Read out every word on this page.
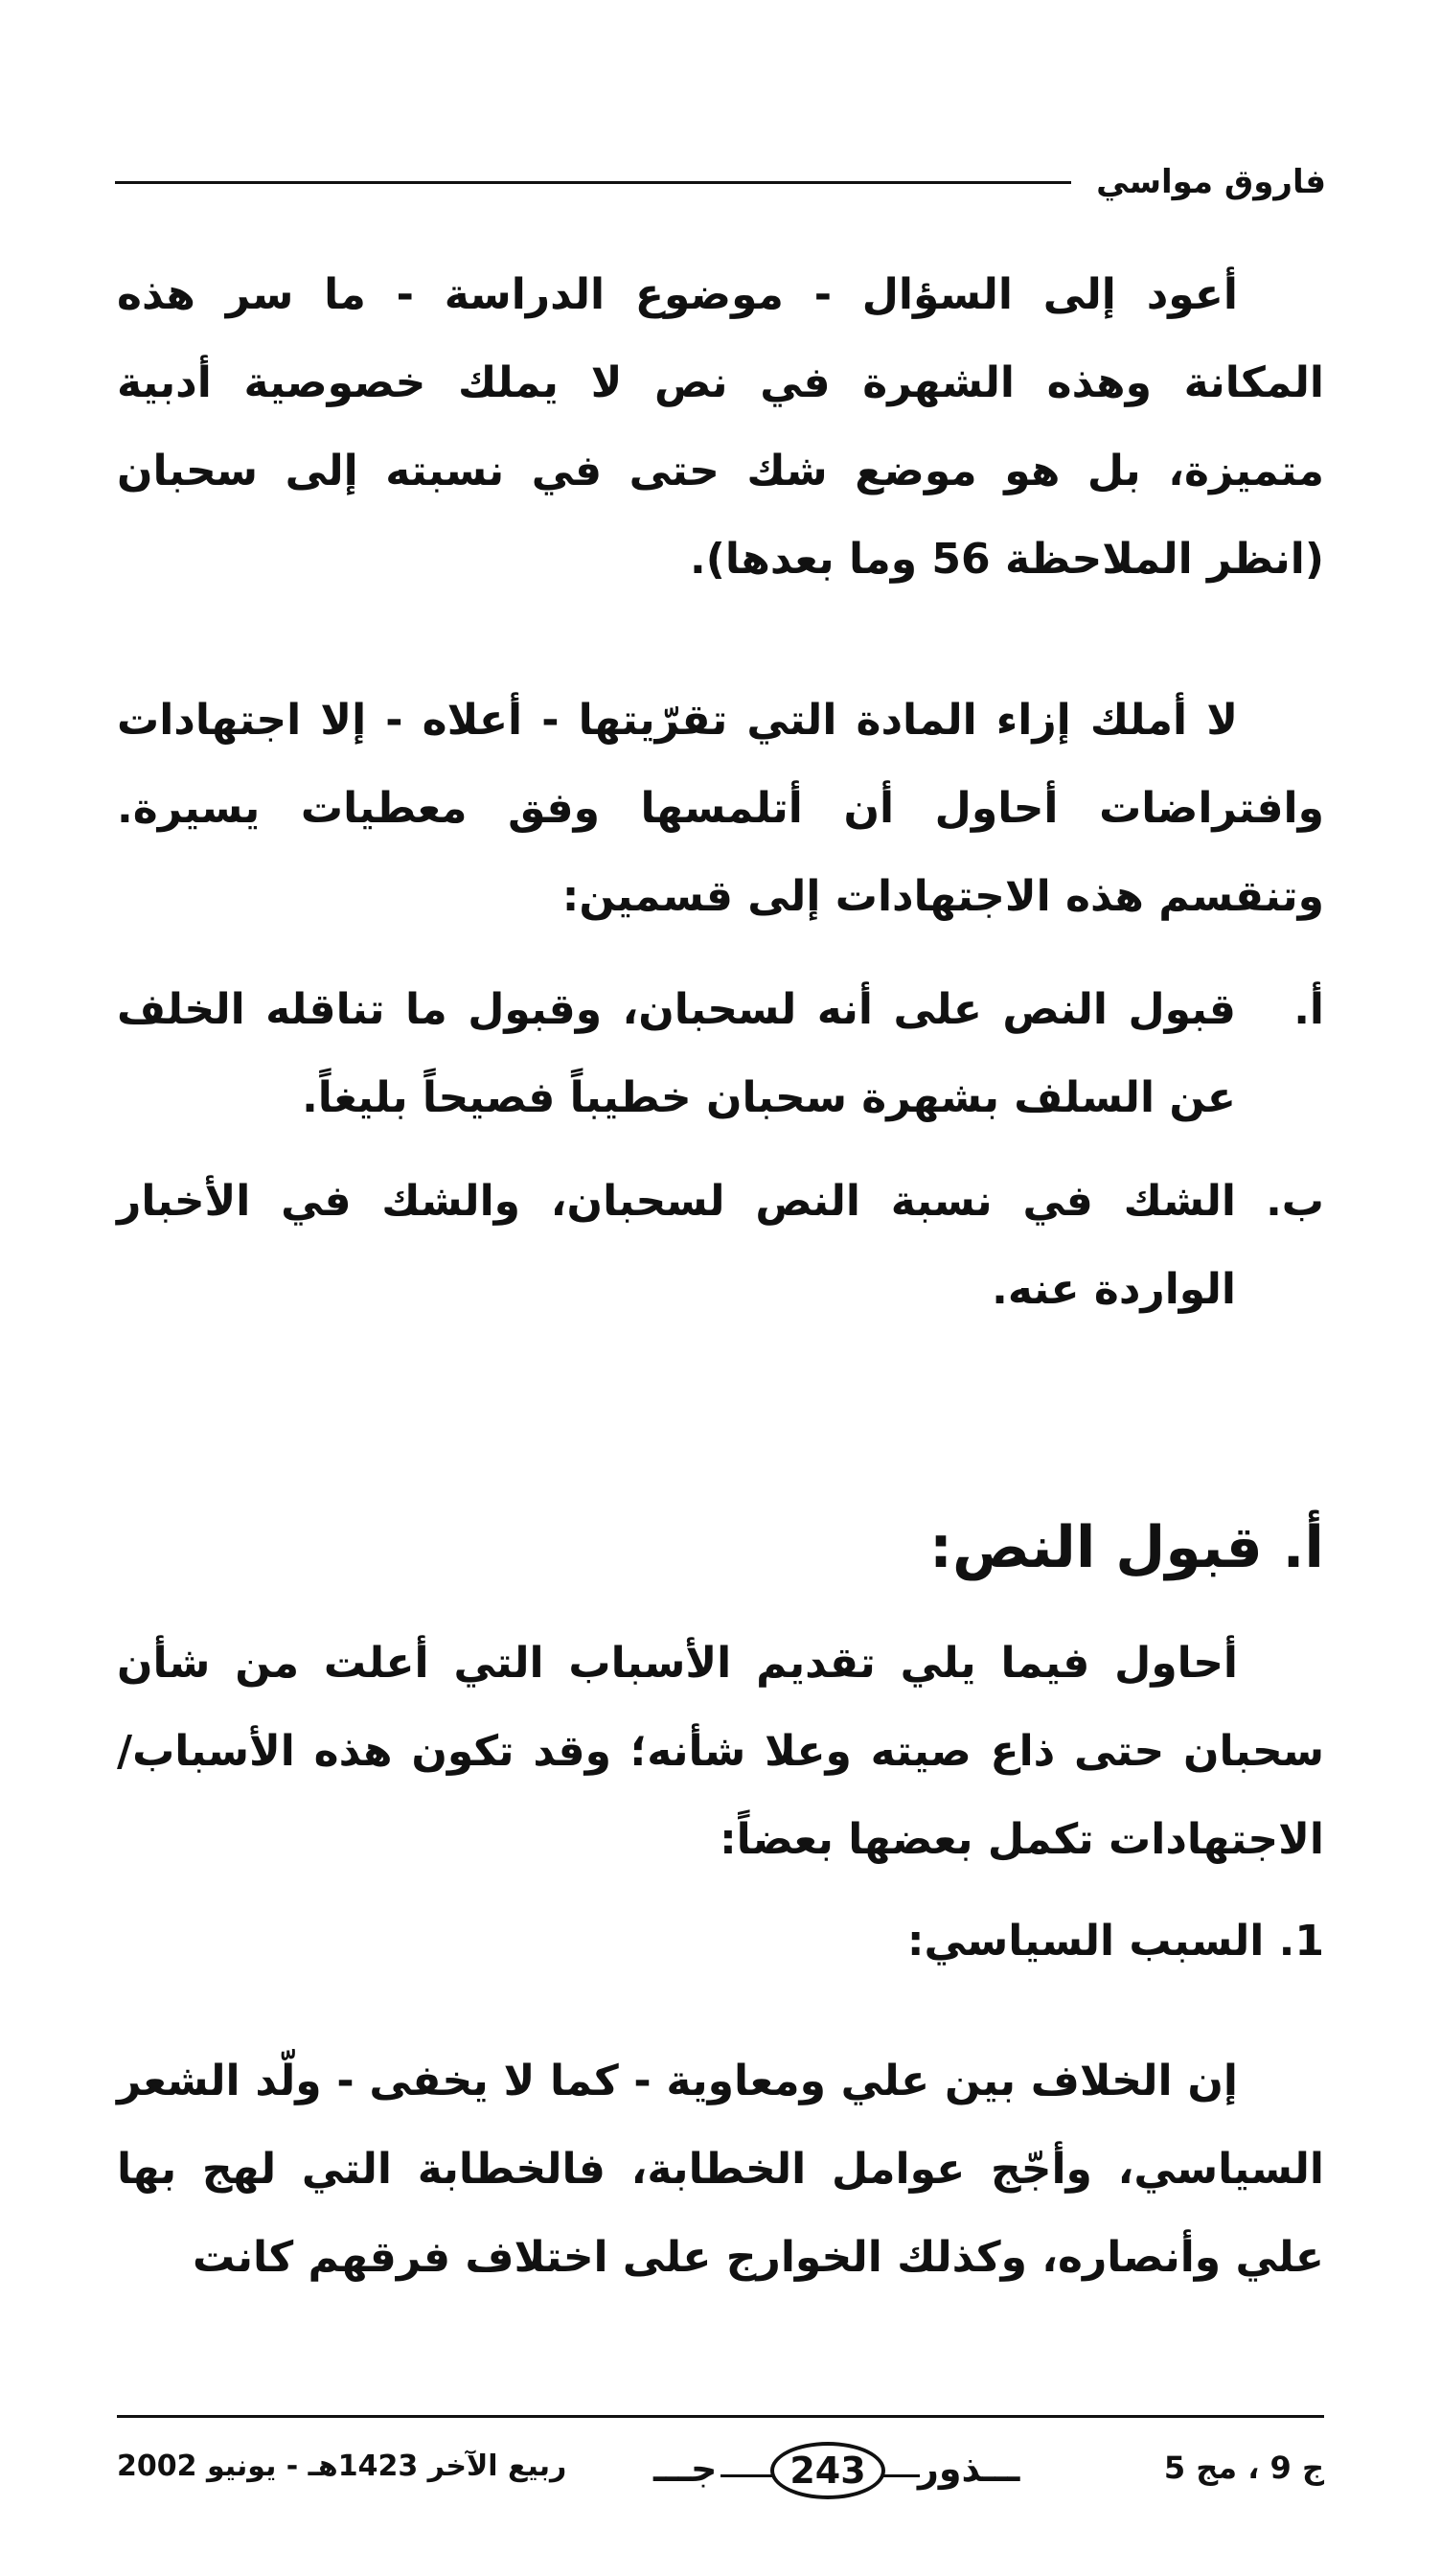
فاروق مواسي

أعود إلى السؤال - موضوع الدراسة - ما سر هذه المكانة وهذه الشهرة في نص لا يملك خصوصية أدبية متميزة، بل هو موضع شك حتى في نسبته إلى سحبان (انظر الملاحظة 56 وما بعدها).

لا أملك إزاء المادة التي تقرّيتها - أعلاه - إلا اجتهادات وافتراضات أحاول أن أتلمسها وفق معطيات يسيرة. وتنقسم هذه الاجتهادات إلى قسمين:

أ.
قبول النص على أنه لسحبان، وقبول ما تناقله الخلف عن السلف بشهرة سحبان خطيباً فصيحاً بليغاً.
ب.
الشك في نسبة النص لسحبان، والشك في الأخبار الواردة عنه.
أ. قبول النص:

أحاول فيما يلي تقديم الأسباب التي أعلت من شأن سحبان حتى ذاع صيته وعلا شأنه؛ وقد تكون هذه الأسباب/ الاجتهادات تكمل بعضها بعضاً:

1. السبب السياسي:

إن الخلاف بين علي ومعاوية - كما لا يخفى - ولّد الشعر السياسي، وأجّج عوامل الخطابة، فالخطابة التي لهج بها علي وأنصاره، وكذلك الخوارج على اختلاف فرقهم كانت

ج 9 ، مج 5
جـــ	243	ـــذور
ربيع الآخر 1423هـ - يونيو 2002
